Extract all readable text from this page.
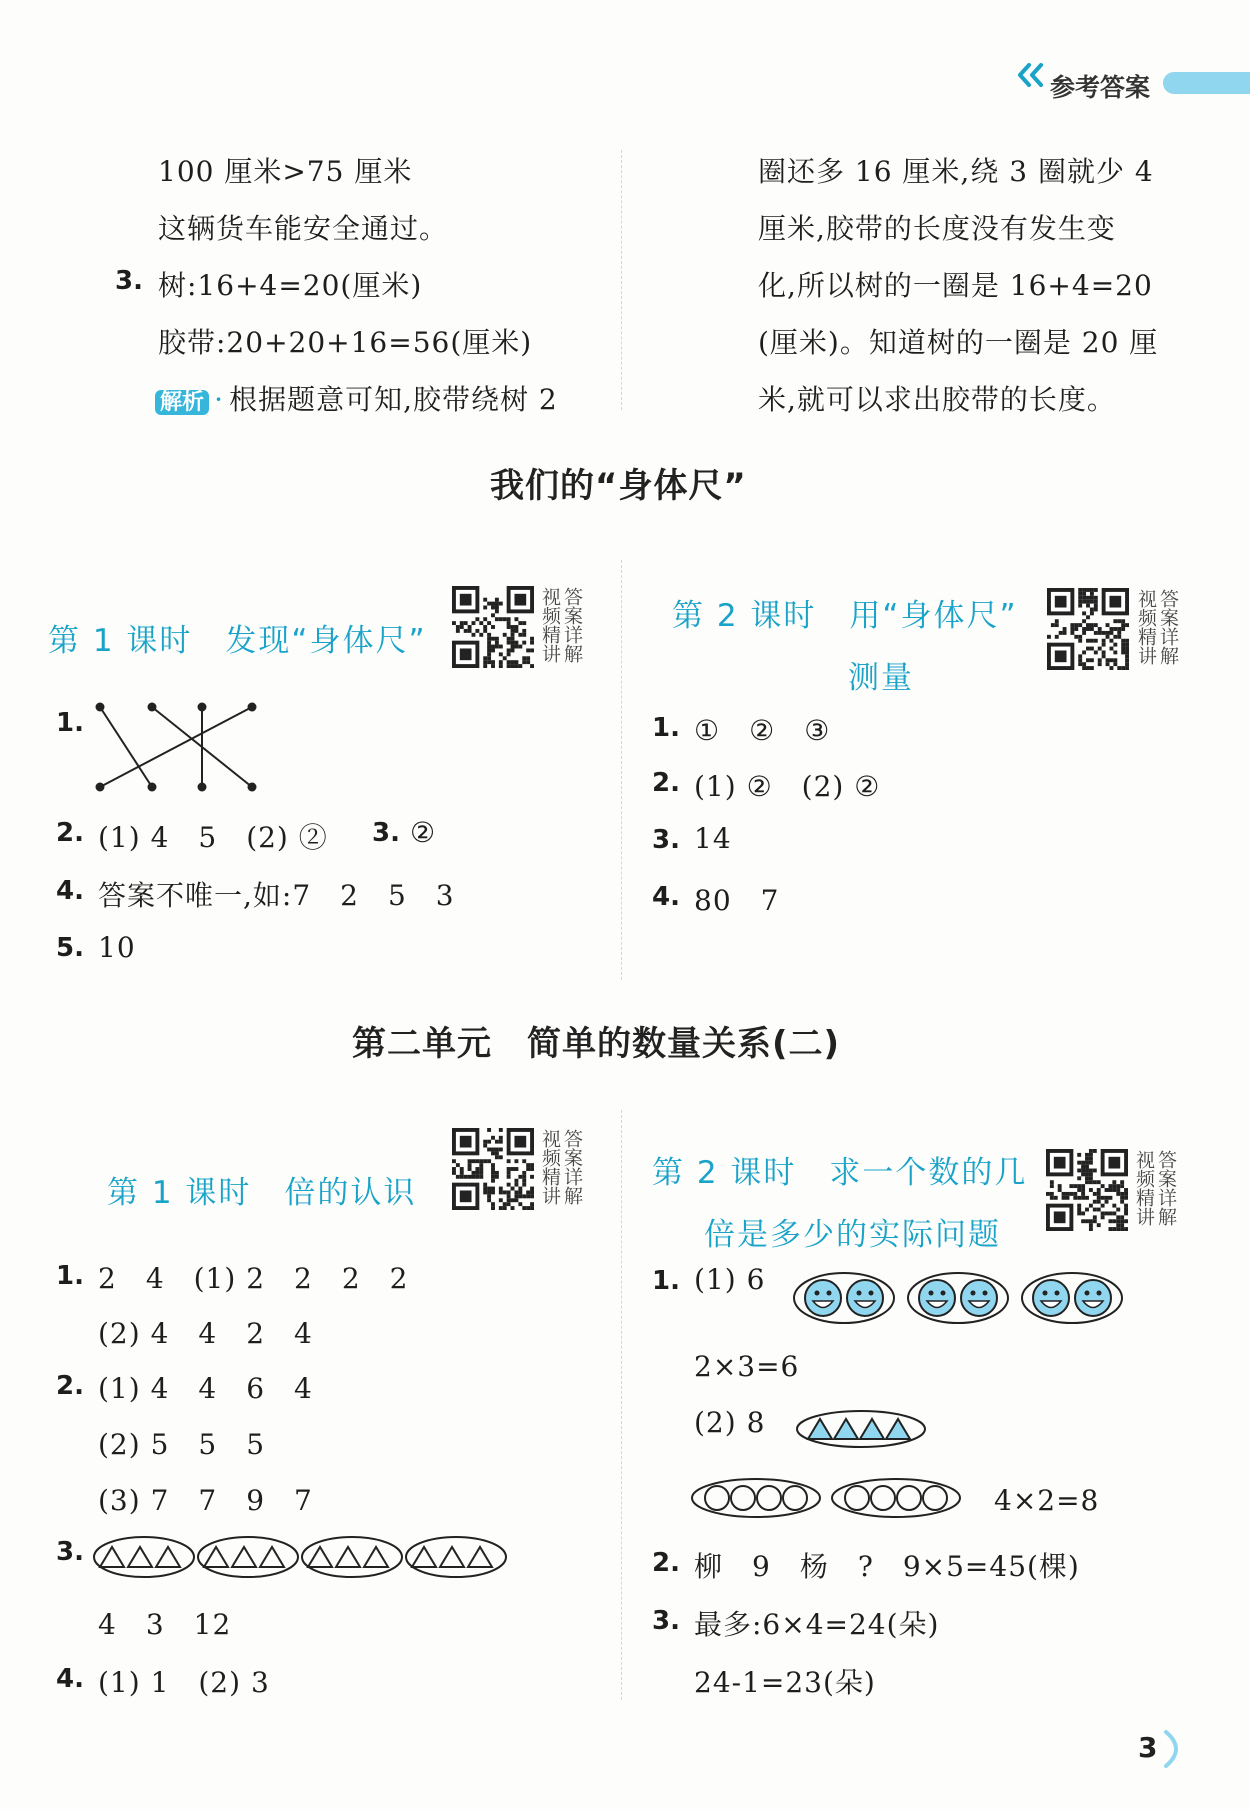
参考答案
100 厘米>75 厘米
这辆货车能安全通过。
3. 树:16+4=20(厘米)
胶带:20+20+16=56(厘米)
解析 · 根据题意可知,胶带绕树 2
圈还多 16 厘米,绕 3 圈就少 4
厘米,胶带的长度没有发生变
化,所以树的一圈是 16+4=20
(厘米)。知道树的一圈是 20 厘
米,就可以求出胶带的长度。
我们的“身体尺”
第 1 课时　发现“身体尺”	视频精讲 答案详解
1.
2. (1) 4　5　(2) ② 3. ②
4. 答案不唯一,如:7　2　5　3
5. 10
第 2 课时　用“身体尺”
测量
视频精讲 答案详解
1. ①　②　③
2. (1) ②　(2) ②
3. 14
4. 80　7
第二单元　简单的数量关系(二)
第 1 课时　倍的认识	视频精讲 答案详解
1. 2　4　(1) 2　2　2　2
(2) 4　4　2　4
2. (1) 4　4　6　4
(2) 5　5　5
(3) 7　7　9　7
3.
4　3　12
4. (1) 1　(2) 3
第 2 课时　求一个数的几
倍是多少的实际问题
视频精讲 答案详解
1. (1) 6
2×3=6
(2) 8
4×2=8
2. 柳　9　杨　?　9×5=45(棵)
3. 最多:6×4=24(朵)
24-1=23(朵)
3
